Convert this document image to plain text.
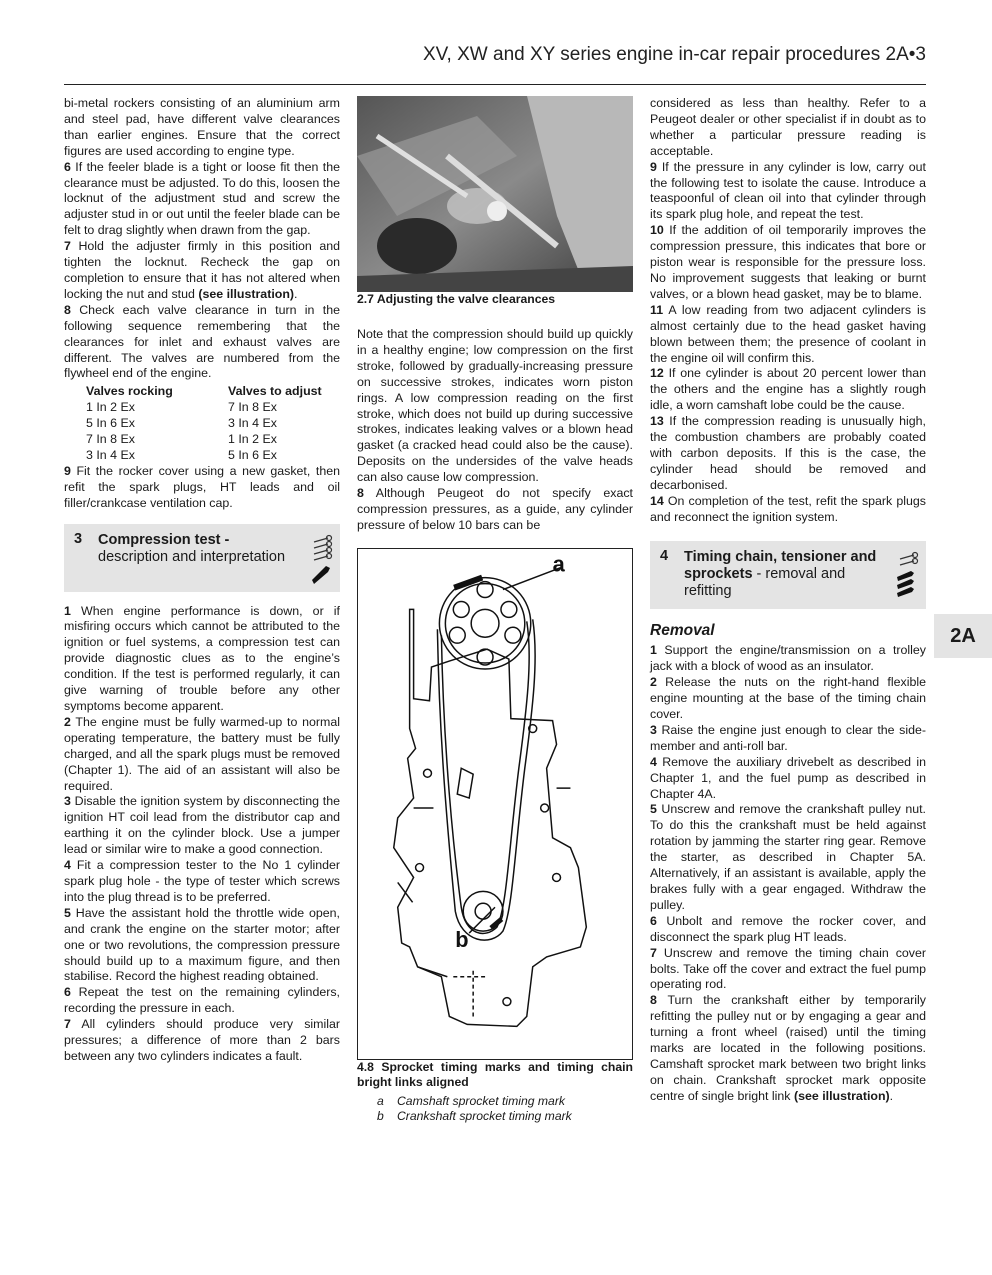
XV, XW and XY series engine in-car repair procedures 2A•3
2A

bi-metal rockers consisting of an aluminium arm and steel pad, have different valve clearances than earlier engines. Ensure that the correct figures are used according to engine type.

6 If the feeler blade is a tight or loose fit then the clearance must be adjusted. To do this, loosen the locknut of the adjustment stud and screw the adjuster stud in or out until the feeler blade can be felt to drag slightly when drawn from the gap.

7 Hold the adjuster firmly in this position and tighten the locknut. Recheck the gap on completion to ensure that it has not altered when locking the nut and stud (see illustration).

8 Check each valve clearance in turn in the following sequence remembering that the clearances for inlet and exhaust valves are different. The valves are numbered from the flywheel end of the engine.

Valves rocking	Valves to adjust
1 In 2 Ex	7 In 8 Ex
5 In 6 Ex	3 In 4 Ex
7 In 8 Ex	1 In 2 Ex
3 In 4 Ex	5 In 6 Ex

9 Fit the rocker cover using a new gasket, then refit the spark plugs, HT leads and oil filler/crankcase ventilation cap.

3 Compression test -
description and interpretation

1 When engine performance is down, or if misfiring occurs which cannot be attributed to the ignition or fuel systems, a compression test can provide diagnostic clues as to the engine’s condition. If the test is performed regularly, it can give warning of trouble before any other symptoms become apparent.

2 The engine must be fully warmed-up to normal operating temperature, the battery must be fully charged, and all the spark plugs must be removed (Chapter 1). The aid of an assistant will also be required.

3 Disable the ignition system by disconnecting the ignition HT coil lead from the distributor cap and earthing it on the cylinder block. Use a jumper lead or similar wire to make a good connection.

4 Fit a compression tester to the No 1 cylinder spark plug hole - the type of tester which screws into the plug thread is to be preferred.

5 Have the assistant hold the throttle wide open, and crank the engine on the starter motor; after one or two revolutions, the compression pressure should build up to a maximum figure, and then stabilise. Record the highest reading obtained.

6 Repeat the test on the remaining cylinders, recording the pressure in each.

7 All cylinders should produce very similar pressures; a difference of more than 2 bars between any two cylinders indicates a fault.

2.7 Adjusting the valve clearances

Note that the compression should build up quickly in a healthy engine; low compression on the first stroke, followed by gradually-increasing pressure on successive strokes, indicates worn piston rings. A low compression reading on the first stroke, which does not build up during successive strokes, indicates leaking valves or a blown head gasket (a cracked head could also be the cause). Deposits on the undersides of the valve heads can also cause low compression.

8 Although Peugeot do not specify exact compression pressures, as a guide, any cylinder pressure of below 10 bars can be

a
b

4.8 Sprocket timing marks and timing chain bright links aligned

a Camshaft sprocket timing mark
b Crankshaft sprocket timing mark

considered as less than healthy. Refer to a Peugeot dealer or other specialist if in doubt as to whether a particular pressure reading is acceptable.

9 If the pressure in any cylinder is low, carry out the following test to isolate the cause. Introduce a teaspoonful of clean oil into that cylinder through its spark plug hole, and repeat the test.

10 If the addition of oil temporarily improves the compression pressure, this indicates that bore or piston wear is responsible for the pressure loss. No improvement suggests that leaking or burnt valves, or a blown head gasket, may be to blame.

11 A low reading from two adjacent cylinders is almost certainly due to the head gasket having blown between them; the presence of coolant in the engine oil will confirm this.

12 If one cylinder is about 20 percent lower than the others and the engine has a slightly rough idle, a worn camshaft lobe could be the cause.

13 If the compression reading is unusually high, the combustion chambers are probably coated with carbon deposits. If this is the case, the cylinder head should be removed and decarbonised.

14 On completion of the test, refit the spark plugs and reconnect the ignition system.

4 Timing chain, tensioner and sprockets - removal and refitting
Removal

1 Support the engine/transmission on a trolley jack with a block of wood as an insulator.

2 Release the nuts on the right-hand flexible engine mounting at the base of the timing chain cover.

3 Raise the engine just enough to clear the side-member and anti-roll bar.

4 Remove the auxiliary drivebelt as described in Chapter 1, and the fuel pump as described in Chapter 4A.

5 Unscrew and remove the crankshaft pulley nut. To do this the crankshaft must be held against rotation by jamming the starter ring gear. Remove the starter, as described in Chapter 5A. Alternatively, if an assistant is available, apply the brakes fully with a gear engaged. Withdraw the pulley.

6 Unbolt and remove the rocker cover, and disconnect the spark plug HT leads.

7 Unscrew and remove the timing chain cover bolts. Take off the cover and extract the fuel pump operating rod.

8 Turn the crankshaft either by temporarily refitting the pulley nut or by engaging a gear and turning a front wheel (raised) until the timing marks are located in the following positions. Camshaft sprocket mark between two bright links on chain. Crankshaft sprocket mark opposite centre of single bright link (see illustration).
